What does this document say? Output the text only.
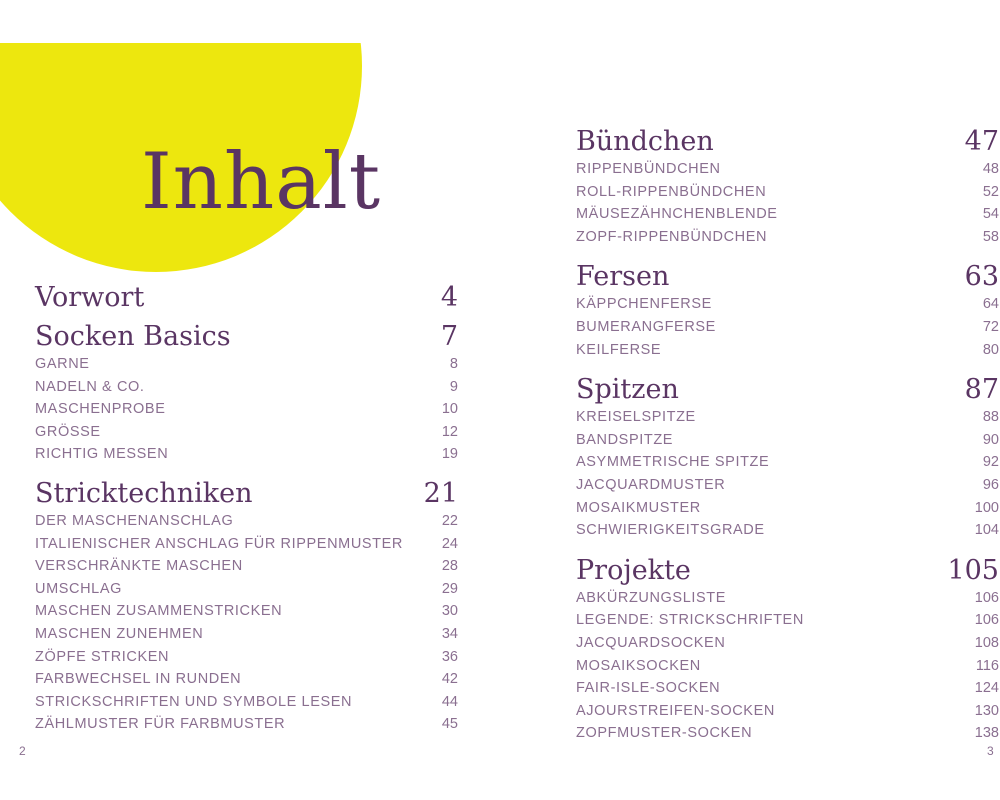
Inhalt
Vorwort	4
Socken Basics	7
GARNE	8
NADELN & CO.	9
MASCHENPROBE	10
GRÖSSE	12
RICHTIG MESSEN	19
Stricktechniken	21
DER MASCHENANSCHLAG	22
ITALIENISCHER ANSCHLAG FÜR RIPPENMUSTER	24
VERSCHRÄNKTE MASCHEN	28
UMSCHLAG	29
MASCHEN ZUSAMMENSTRICKEN	30
MASCHEN ZUNEHMEN	34
ZÖPFE STRICKEN	36
FARBWECHSEL IN RUNDEN	42
STRICKSCHRIFTEN UND SYMBOLE LESEN	44
ZÄHLMUSTER FÜR FARBMUSTER	45
Bündchen	47
RIPPENBÜNDCHEN	48
ROLL-RIPPENBÜNDCHEN	52
MÄUSEZÄHNCHENBLENDE	54
ZOPF-RIPPENBÜNDCHEN	58
Fersen	63
KÄPPCHENFERSE	64
BUMERANGFERSE	72
KEILFERSE	80
Spitzen	87
KREISELSPITZE	88
BANDSPITZE	90
ASYMMETRISCHE SPITZE	92
JACQUARDMUSTER	96
MOSAIKMUSTER	100
SCHWIERIGKEITSGRADE	104
Projekte	105
ABKÜRZUNGSLISTE	106
LEGENDE: STRICKSCHRIFTEN	106
JACQUARDSOCKEN	108
MOSAIKSOCKEN	116
FAIR-ISLE-SOCKEN	124
AJOURSTREIFEN-SOCKEN	130
ZOPFMUSTER-SOCKEN	138
2	3
